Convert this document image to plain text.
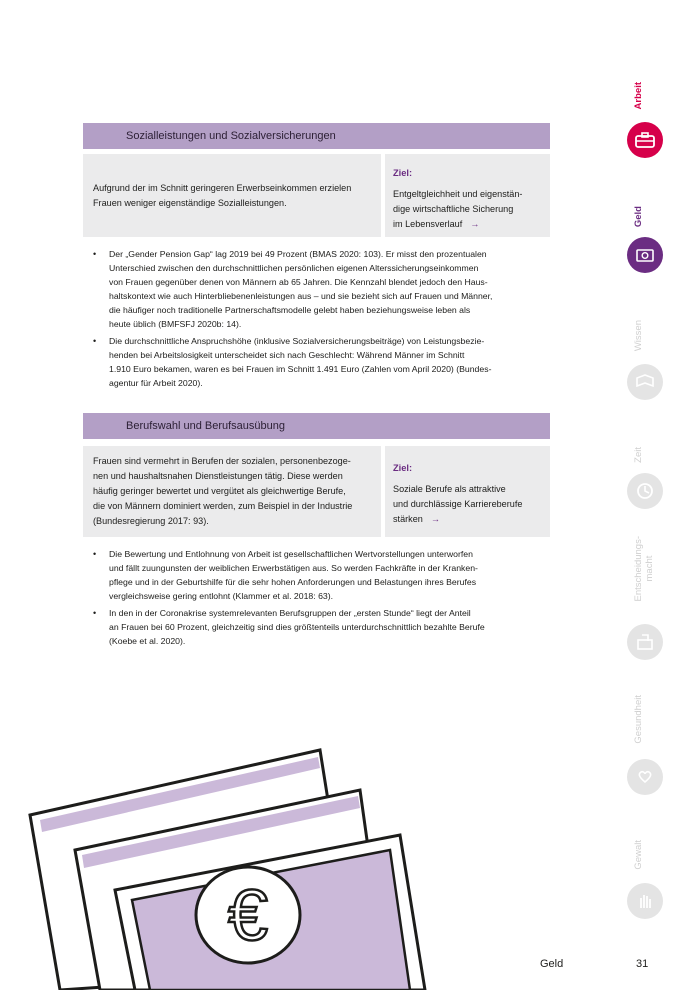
Sozialleistungen und Sozialversicherungen

Aufgrund der im Schnitt geringeren Erwerbseinkommen erzielen Frauen weniger eigenständige Sozialleistungen.

Ziel:
Entgeltgleichheit und eigenstän-
dige wirtschaftliche Sicherung
im Lebensverlauf →
• Der „Gender Pension Gap“ lag 2019 bei 49 Prozent (BMAS 2020: 103). Er misst den prozentualen
Unterschied zwischen den durchschnittlichen persönlichen eigenen Alterssicherungseinkommen
von Frauen gegenüber denen von Männern ab 65 Jahren. Die Kennzahl blendet jedoch den Haus-
haltskontext wie auch Hinterbliebenenleistungen aus – und sie bezieht sich auf Frauen und Männer,
die häufiger noch traditionelle Partnerschaftsmodelle gelebt haben beziehungsweise leben als
heute üblich (BMFSFJ 2020b: 14).
• Die durchschnittliche Anspruchshöhe (inklusive Sozialversicherungsbeiträge) von Leistungsbezie-
henden bei Arbeitslosigkeit unterscheidet sich nach Geschlecht: Während Männer im Schnitt
1.910 Euro bekamen, waren es bei Frauen im Schnitt 1.491 Euro (Zahlen vom April 2020) (Bundes-
agentur für Arbeit 2020).
Berufswahl und Berufsausübung
Frauen sind vermehrt in Berufen der sozialen, personenbezoge-
nen und haushaltsnahen Dienstleistungen tätig. Diese werden
häufig geringer bewertet und vergütet als gleichwertige Berufe,
die von Männern dominiert werden, zum Beispiel in der Industrie
(Bundesregierung 2017: 93).
Ziel:
Soziale Berufe als attraktive
und durchlässige Karriereberufe
stärken →
• Die Bewertung und Entlohnung von Arbeit ist gesellschaftlichen Wertvorstellungen unterworfen
und fällt zuungunsten der weiblichen Erwerbstätigen aus. So werden Fachkräfte in der Kranken-
pflege und in der Geburtshilfe für die sehr hohen Anforderungen und Belastungen ihres Berufes
vergleichsweise gering entlohnt (Klammer et al. 2018: 63).
• In den in der Coronakrise systemrelevanten Berufsgruppen der „ersten Stunde“ liegt der Anteil
an Frauen bei 60 Prozent, gleichzeitig sind dies größtenteils unterdurchschnittlich bezahlte Berufe
(Koebe et al. 2020).
Arbeit
Geld
Wissen
Zeit
Entscheidungs-
macht
Gesundheit
Gewalt
€
Geld	31
